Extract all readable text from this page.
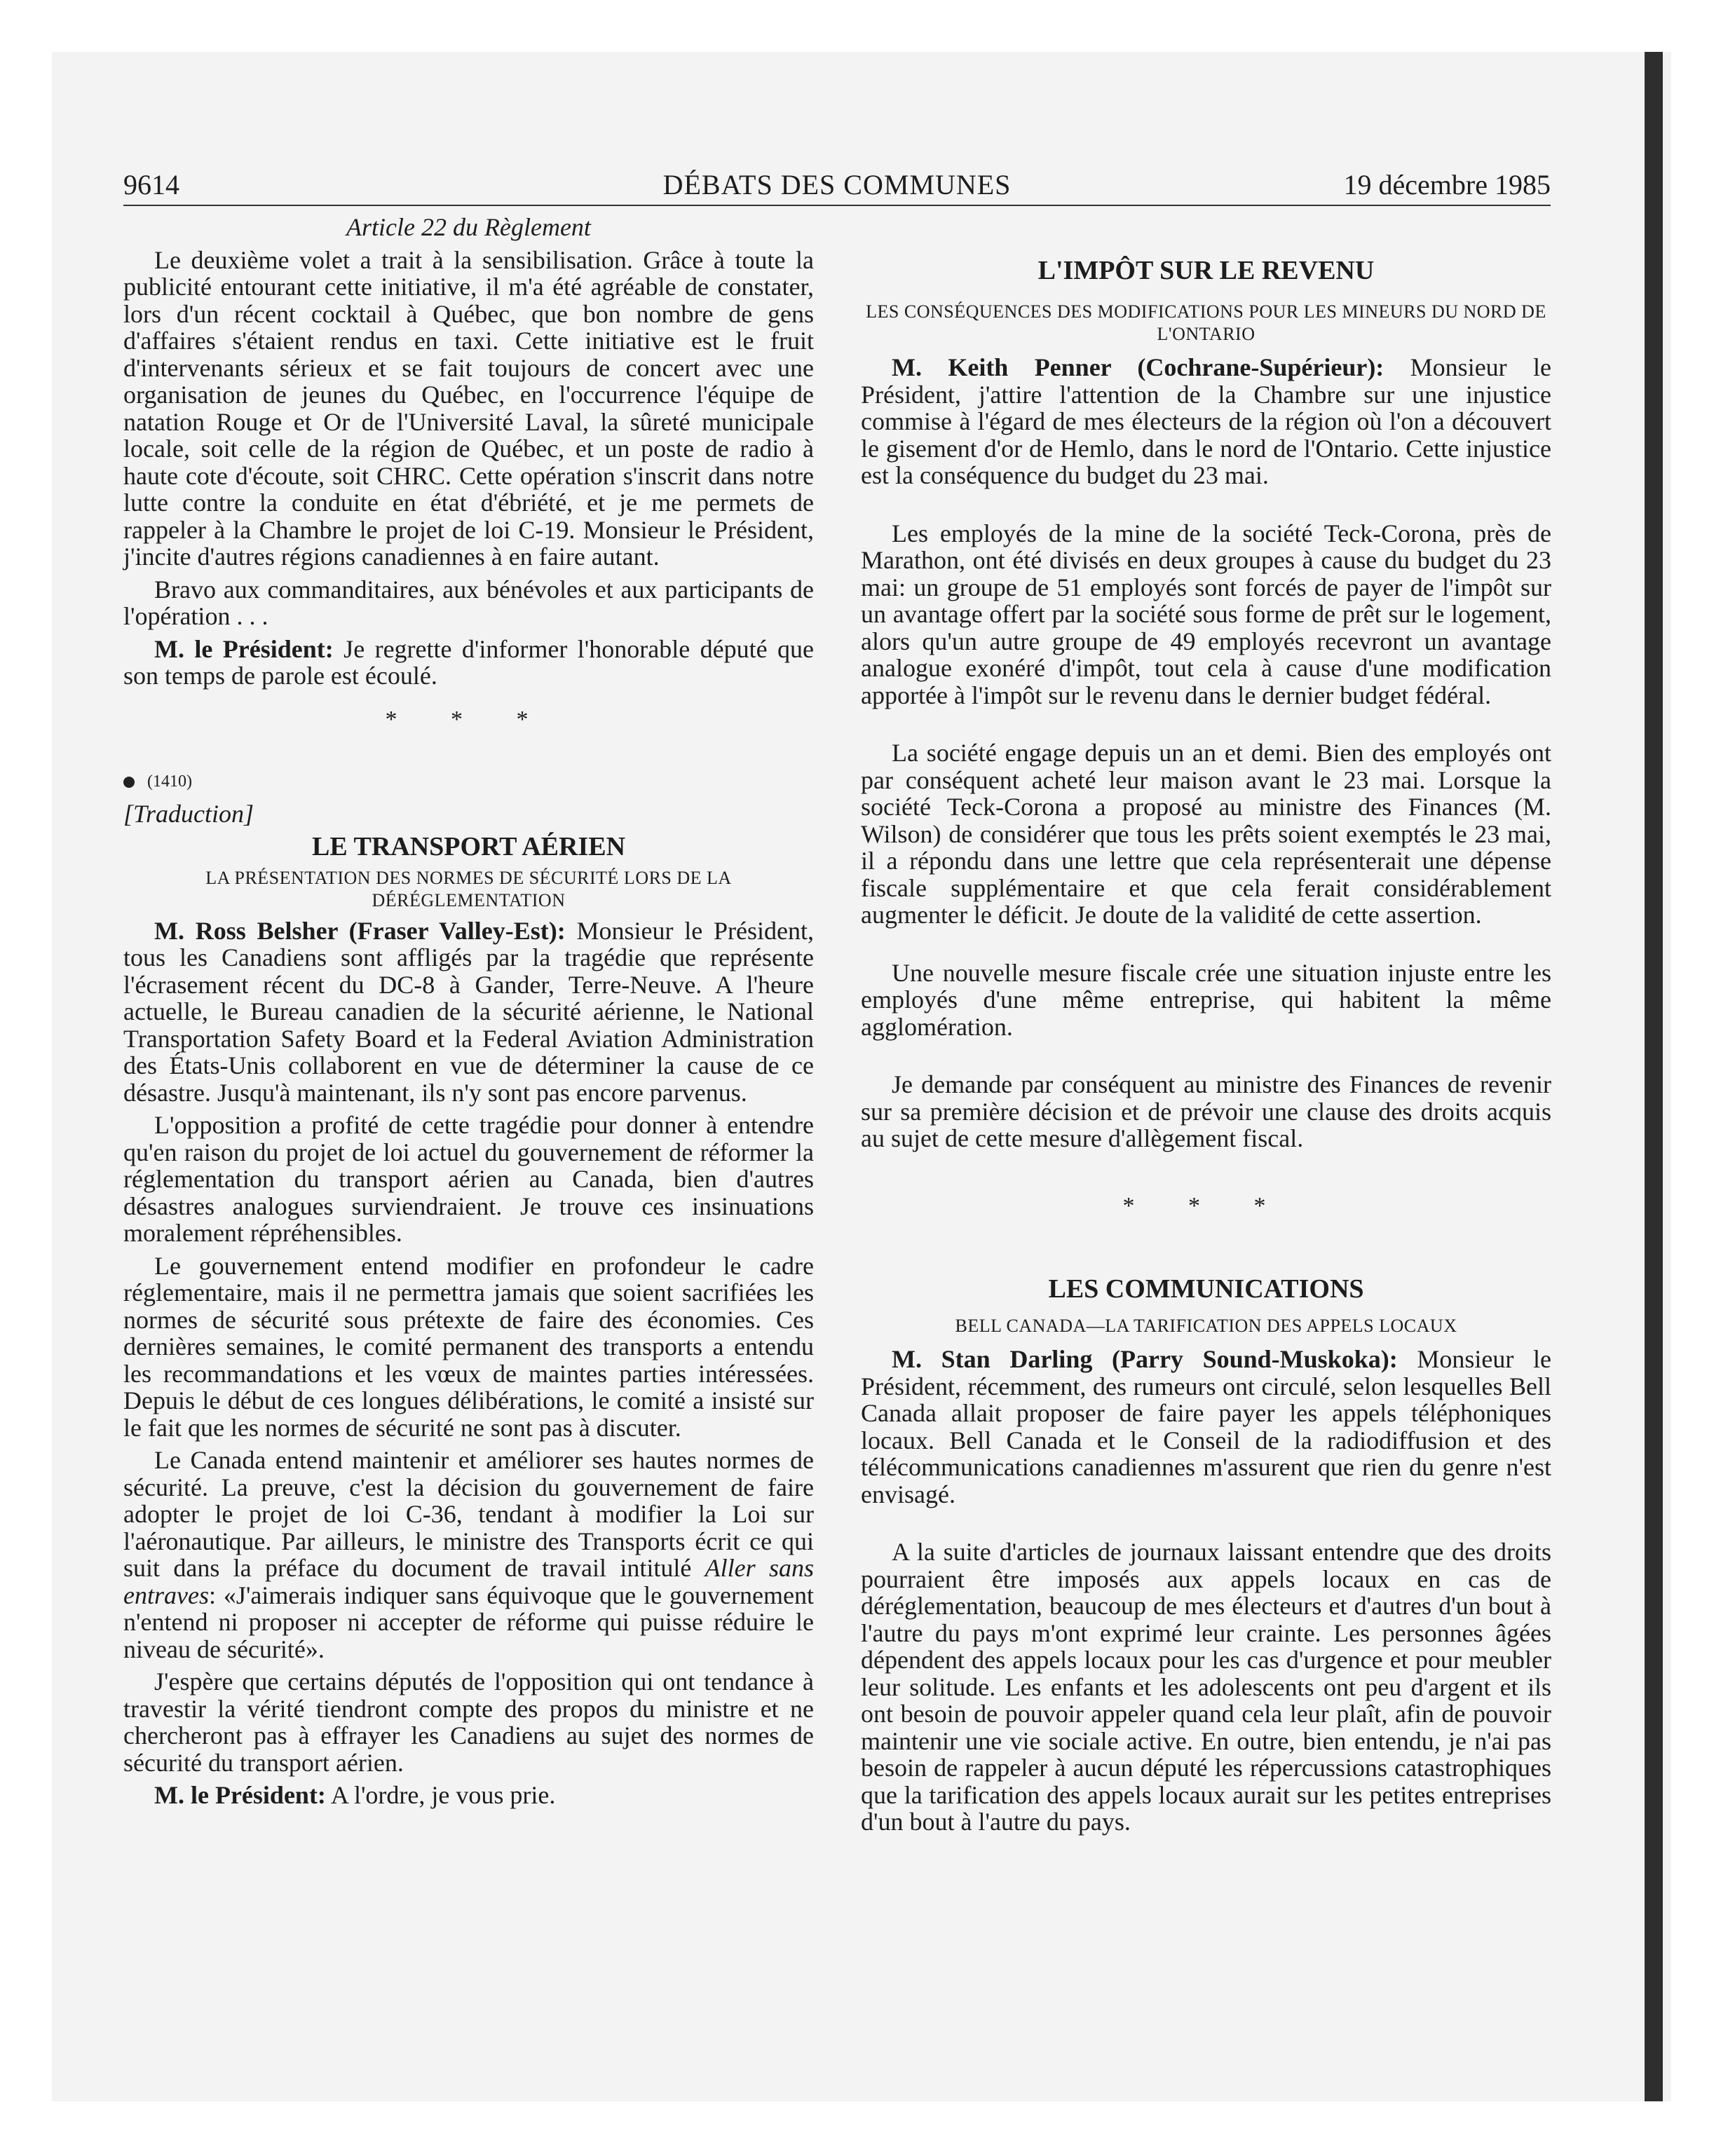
9614	DÉBATS DES COMMUNES	19 décembre 1985
Article 22 du Règlement

Le deuxième volet a trait à la sensibilisation. Grâce à toute la publicité entourant cette initiative, il m'a été agréable de constater, lors d'un récent cocktail à Québec, que bon nombre de gens d'affaires s'étaient rendus en taxi. Cette initiative est le fruit d'intervenants sérieux et se fait toujours de concert avec une organisation de jeunes du Québec, en l'occurrence l'équipe de natation Rouge et Or de l'Université Laval, la sûreté municipale locale, soit celle de la région de Québec, et un poste de radio à haute cote d'écoute, soit CHRC. Cette opération s'inscrit dans notre lutte contre la conduite en état d'ébriété, et je me permets de rappeler à la Chambre le projet de loi C-19. Monsieur le Président, j'incite d'autres régions canadiennes à en faire autant.

Bravo aux commanditaires, aux bénévoles et aux participants de l'opération . . .

M. le Président: Je regrette d'informer l'honorable député que son temps de parole est écoulé.

* * *
(1410)
[Traduction]
LE TRANSPORT AÉRIEN
LA PRÉSENTATION DES NORMES DE SÉCURITÉ LORS DE LA DÉRÉGLEMENTATION

M. Ross Belsher (Fraser Valley-Est): Monsieur le Président, tous les Canadiens sont affligés par la tragédie que représente l'écrasement récent du DC-8 à Gander, Terre-Neuve. A l'heure actuelle, le Bureau canadien de la sécurité aérienne, le National Transportation Safety Board et la Federal Aviation Administration des États-Unis collaborent en vue de déterminer la cause de ce désastre. Jusqu'à maintenant, ils n'y sont pas encore parvenus.

L'opposition a profité de cette tragédie pour donner à entendre qu'en raison du projet de loi actuel du gouvernement de réformer la réglementation du transport aérien au Canada, bien d'autres désastres analogues surviendraient. Je trouve ces insinuations moralement répréhensibles.

Le gouvernement entend modifier en profondeur le cadre réglementaire, mais il ne permettra jamais que soient sacrifiées les normes de sécurité sous prétexte de faire des économies. Ces dernières semaines, le comité permanent des transports a entendu les recommandations et les vœux de maintes parties intéressées. Depuis le début de ces longues délibérations, le comité a insisté sur le fait que les normes de sécurité ne sont pas à discuter.

Le Canada entend maintenir et améliorer ses hautes normes de sécurité. La preuve, c'est la décision du gouvernement de faire adopter le projet de loi C-36, tendant à modifier la Loi sur l'aéronautique. Par ailleurs, le ministre des Transports écrit ce qui suit dans la préface du document de travail intitulé Aller sans entraves: «J'aimerais indiquer sans équivoque que le gouvernement n'entend ni proposer ni accepter de réforme qui puisse réduire le niveau de sécurité».

J'espère que certains députés de l'opposition qui ont tendance à travestir la vérité tiendront compte des propos du ministre et ne chercheront pas à effrayer les Canadiens au sujet des normes de sécurité du transport aérien.

M. le Président: A l'ordre, je vous prie.

L'IMPÔT SUR LE REVENU
LES CONSÉQUENCES DES MODIFICATIONS POUR LES MINEURS DU NORD DE L'ONTARIO

M. Keith Penner (Cochrane-Supérieur): Monsieur le Président, j'attire l'attention de la Chambre sur une injustice commise à l'égard de mes électeurs de la région où l'on a découvert le gisement d'or de Hemlo, dans le nord de l'Ontario. Cette injustice est la conséquence du budget du 23 mai.

Les employés de la mine de la société Teck-Corona, près de Marathon, ont été divisés en deux groupes à cause du budget du 23 mai: un groupe de 51 employés sont forcés de payer de l'impôt sur un avantage offert par la société sous forme de prêt sur le logement, alors qu'un autre groupe de 49 employés recevront un avantage analogue exonéré d'impôt, tout cela à cause d'une modification apportée à l'impôt sur le revenu dans le dernier budget fédéral.

La société engage depuis un an et demi. Bien des employés ont par conséquent acheté leur maison avant le 23 mai. Lorsque la société Teck-Corona a proposé au ministre des Finances (M. Wilson) de considérer que tous les prêts soient exemptés le 23 mai, il a répondu dans une lettre que cela représenterait une dépense fiscale supplémentaire et que cela ferait considérablement augmenter le déficit. Je doute de la validité de cette assertion.

Une nouvelle mesure fiscale crée une situation injuste entre les employés d'une même entreprise, qui habitent la même agglomération.

Je demande par conséquent au ministre des Finances de revenir sur sa première décision et de prévoir une clause des droits acquis au sujet de cette mesure d'allègement fiscal.

* * *
LES COMMUNICATIONS
BELL CANADA—LA TARIFICATION DES APPELS LOCAUX

M. Stan Darling (Parry Sound-Muskoka): Monsieur le Président, récemment, des rumeurs ont circulé, selon lesquelles Bell Canada allait proposer de faire payer les appels téléphoniques locaux. Bell Canada et le Conseil de la radiodiffusion et des télécommunications canadiennes m'assurent que rien du genre n'est envisagé.

A la suite d'articles de journaux laissant entendre que des droits pourraient être imposés aux appels locaux en cas de déréglementation, beaucoup de mes électeurs et d'autres d'un bout à l'autre du pays m'ont exprimé leur crainte. Les personnes âgées dépendent des appels locaux pour les cas d'urgence et pour meubler leur solitude. Les enfants et les adolescents ont peu d'argent et ils ont besoin de pouvoir appeler quand cela leur plaît, afin de pouvoir maintenir une vie sociale active. En outre, bien entendu, je n'ai pas besoin de rappeler à aucun député les répercussions catastrophiques que la tarification des appels locaux aurait sur les petites entreprises d'un bout à l'autre du pays.
